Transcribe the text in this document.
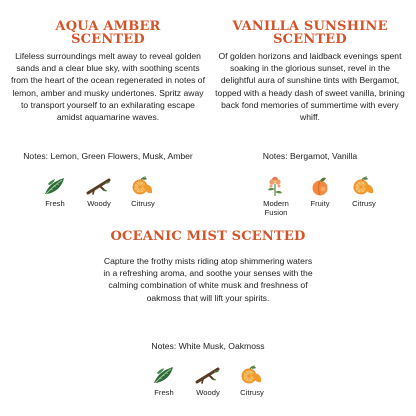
AQUA AMBER
SCENTED

Lifeless surroundings melt away to reveal golden sands and a clear blue sky, with soothing scents from the heart of the ocean regenerated in notes of lemon, amber and musky undertones. Spritz away to transport yourself to an exhilarating escape amidst aquamarine waves.

Notes: Lemon, Green Flowers, Musk, Amber

Fresh	Woody	Citrusy
VANILLA SUNSHINE
SCENTED

Of golden horizons and laidback evenings spent soaking in the glorious sunset, revel in the delightful aura of sunshine tints with Bergamot, topped with a heady dash of sweet vanilla, brining back fond memories of summertime with every whiff.

Notes: Bergamot, Vanilla

Modern Fusion
Fruity	Citrusy
OCEANIC MIST SCENTED

Capture the frothy mists riding atop shimmering waters in a refreshing aroma, and soothe your senses with the calming combination of white musk and freshness of oakmoss that will lift your spirits.

Notes: White Musk, Oakmoss

Fresh	Woody	Citrusy
